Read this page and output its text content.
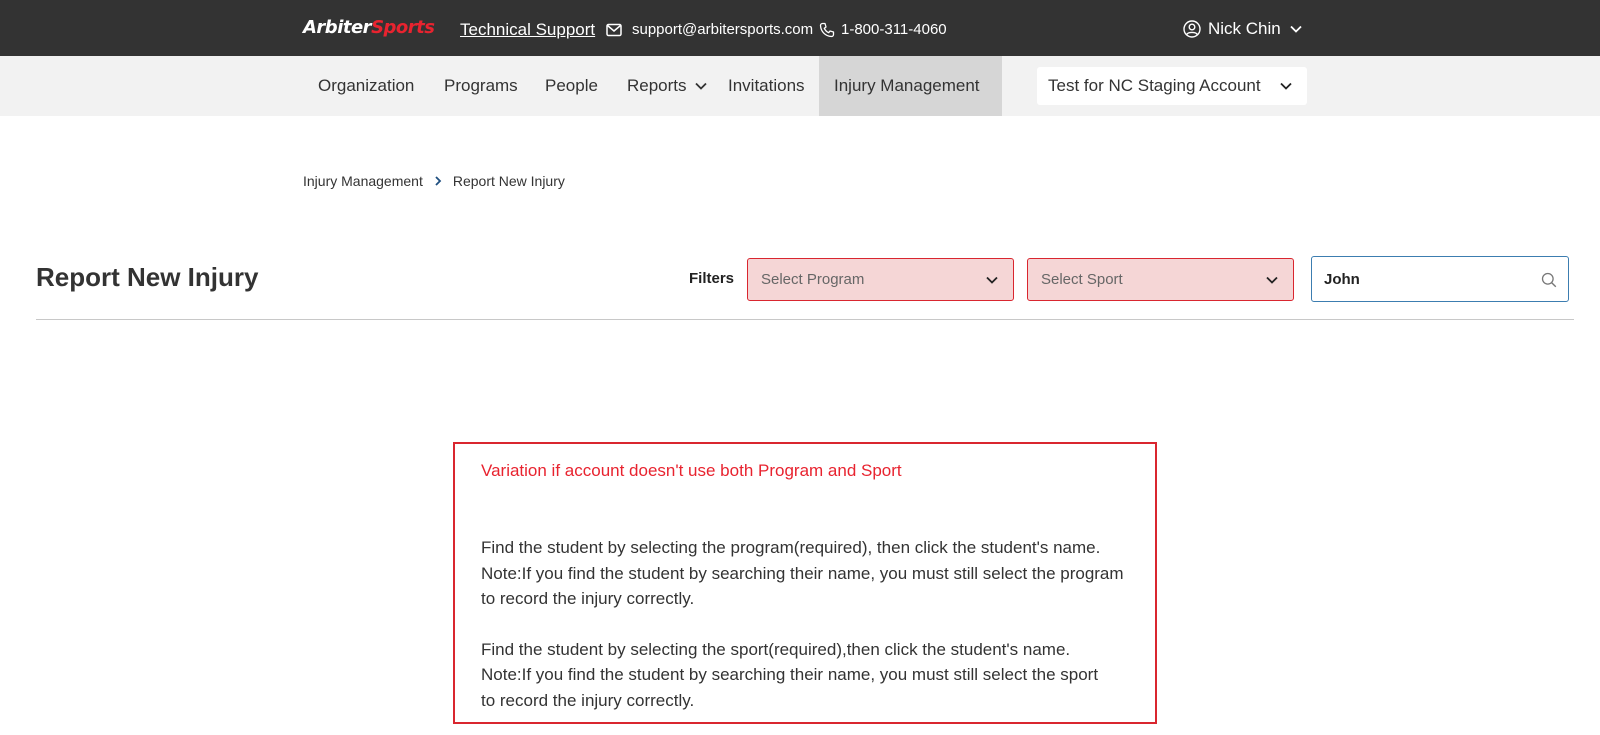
ArbiterSports Technical Support support@arbitersports.com 1-800-311-4060	Nick Chin
Organization Programs People Reports Invitations Injury Management	Test for NC Staging Account
Injury Management Report New Injury
Report New Injury	Filters Select Program	Select Sport	John
Variation if account doesn't use both Program and Sport
Find the student by selecting the program(required), then click the student's name.
Note:If you find the student by searching their name, you must still select the program
to record the injury correctly.
Find the student by selecting the sport(required),then click the student's name.
Note:If you find the student by searching their name, you must still select the sport
to record the injury correctly.
